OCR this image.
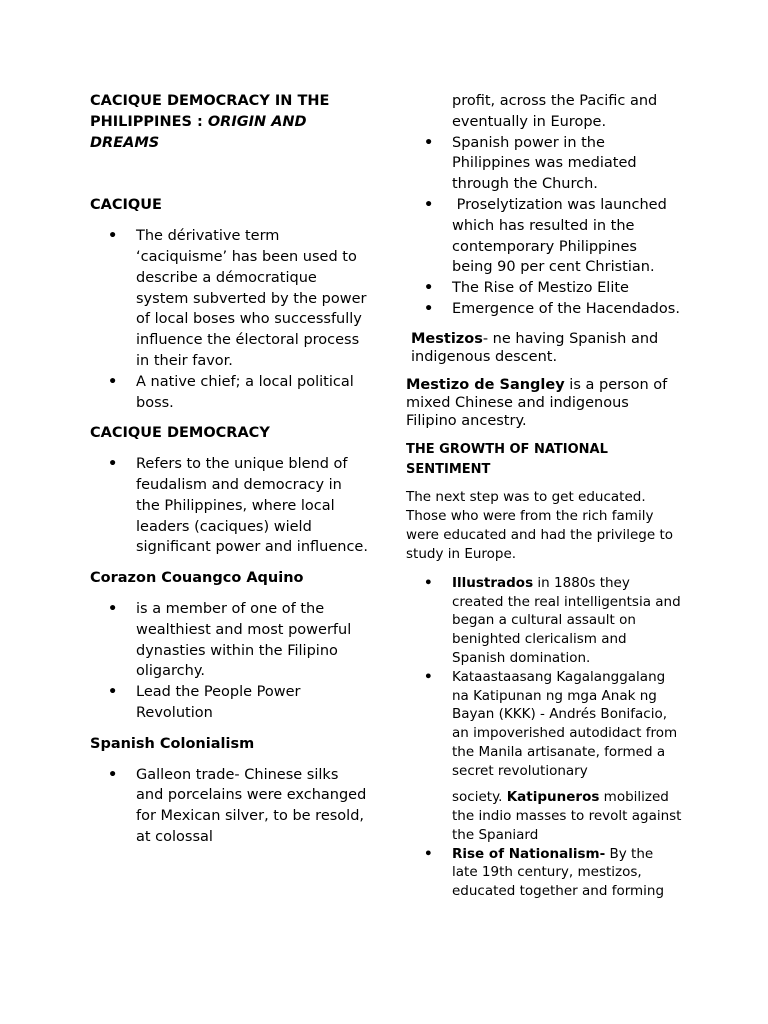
CACIQUE DEMOCRACY IN THE PHILIPPINES : ORIGIN AND DREAMS
CACIQUE
• The dérivative term ‘caciquisme’ has been used to describe a démocratique system subverted by the power of local boses who successfully influence the électoral process in their favor.
• A native chief; a local political boss.
CACIQUE DEMOCRACY
• Refers to the unique blend of feudalism and democracy in the Philippines, where local leaders (caciques) wield significant power and influence.
Corazon Couangco Aquino
• is a member of one of the wealthiest and most powerful dynasties within the Filipino oligarchy.
• Lead the People Power Revolution
Spanish Colonialism
• Galleon trade- Chinese silks and porcelains were exchanged for Mexican silver, to be resold, at colossal
profit, across the Pacific and eventually in Europe.
• Spanish power in the Philippines was mediated through the Church.
• Proselytization was launched which has resulted in the contemporary Philippines being 90 per cent Christian.
• The Rise of Mestizo Elite
• Emergence of the Hacendados.
Mestizos- ne having Spanish and indigenous descent.
Mestizo de Sangley is a person of mixed Chinese and indigenous Filipino ancestry.
THE GROWTH OF NATIONAL SENTIMENT
The next step was to get educated. Those who were from the rich family were educated and had the privilege to study in Europe.
• Illustrados in 1880s they created the real intelligentsia and began a cultural assault on benighted clericalism and Spanish domination.
• Kataastaasang Kagalanggalang na Katipunan ng mga Anak ng Bayan (KKK) - Andrés Bonifacio, an impoverished autodidact from the Manila artisanate, formed a secret revolutionary
society. Katipuneros mobilized the indio masses to revolt against the Spaniard
• Rise of Nationalism- By the late 19th century, mestizos, educated together and forming
